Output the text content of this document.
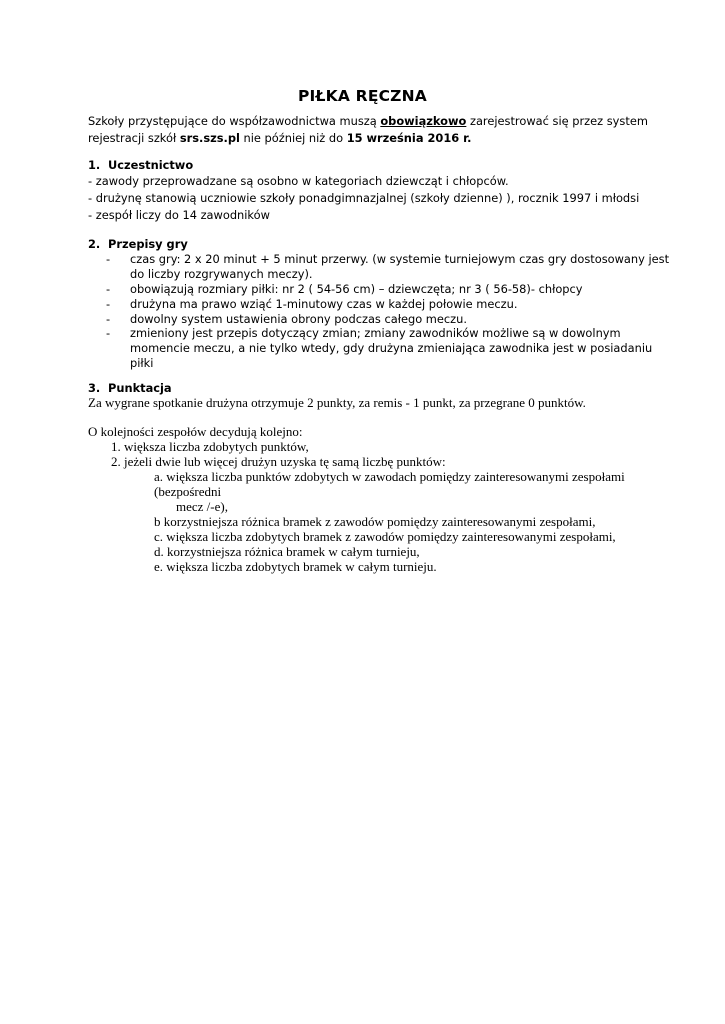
PIŁKA RĘCZNA
Szkoły przystępujące do współzawodnictwa muszą obowiązkowo zarejestrować się przez system
rejestracji szkół srs.szs.pl nie później niż do 15 września 2016 r.
1. Uczestnictwo
- zawody przeprowadzane są osobno w kategoriach dziewcząt i chłopców.
- drużynę stanowią uczniowie szkoły ponadgimnazjalnej (szkoły dzienne) ), rocznik 1997 i młodsi
- zespół liczy do 14 zawodników
2. Przepisy gry
- czas gry: 2 x 20 minut + 5 minut przerwy. (w systemie turniejowym czas gry dostosowany jest
do liczby rozgrywanych meczy).
- obowiązują rozmiary piłki: nr 2 ( 54-56 cm) – dziewczęta; nr 3 ( 56-58)- chłopcy
- drużyna ma prawo wziąć 1-minutowy czas w każdej połowie meczu.
- dowolny system ustawienia obrony podczas całego meczu.
- zmieniony jest przepis dotyczący zmian; zmiany zawodników możliwe są w dowolnym
momencie meczu, a nie tylko wtedy, gdy drużyna zmieniająca zawodnika jest w posiadaniu
piłki
3. Punktacja
Za wygrane spotkanie drużyna otrzymuje 2 punkty, za remis - 1 punkt, za przegrane 0 punktów.
O kolejności zespołów decydują kolejno:
1. większa liczba zdobytych punktów,
2. jeżeli dwie lub więcej drużyn uzyska tę samą liczbę punktów:
a. większa liczba punktów zdobytych w zawodach pomiędzy zainteresowanymi zespołami
(bezpośredni
mecz /-e),
b korzystniejsza różnica bramek z zawodów pomiędzy zainteresowanymi zespołami,
c. większa liczba zdobytych bramek z zawodów pomiędzy zainteresowanymi zespołami,
d. korzystniejsza różnica bramek w całym turnieju,
e. większa liczba zdobytych bramek w całym turnieju.
